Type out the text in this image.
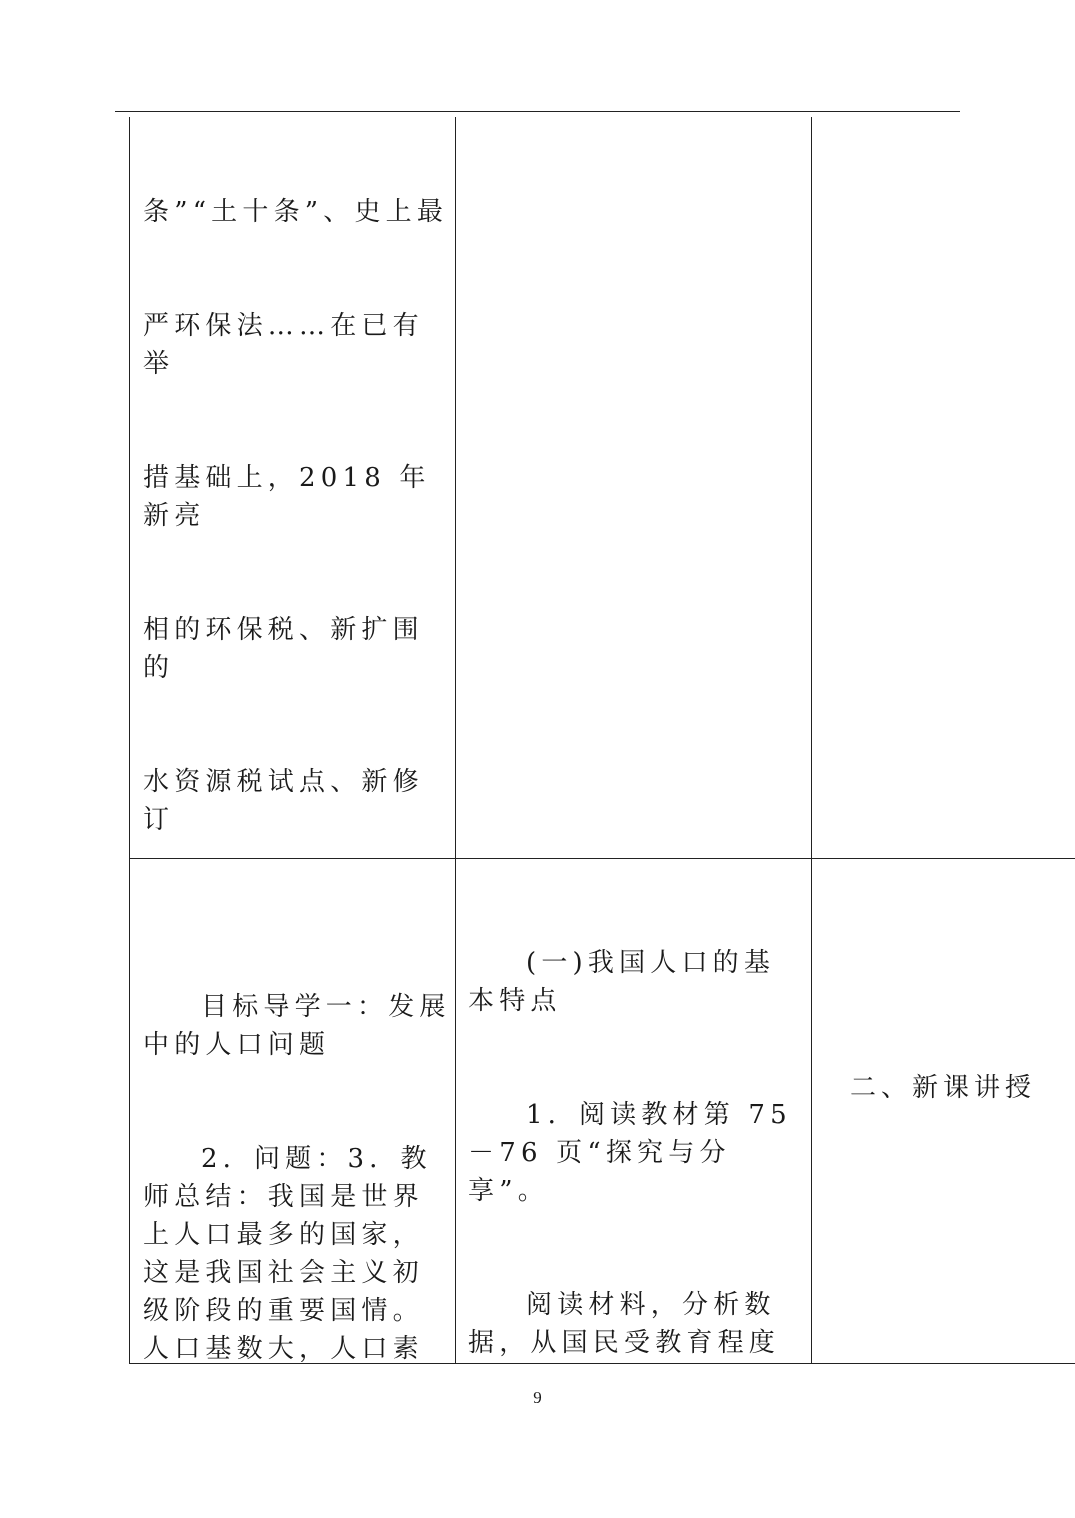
条”“土十条”、史上最

严环保法……在已有举

措基础上，2018 年新亮

相的环保税、新扩围的

水资源税试点、新修订

目标导学一：发展中的人口问题

2．问题：3．教师总结：我国是世界上人口最多的国家，这是我国社会主义初级阶段的重要国情。人口基数大，人口素

(一)我国人口的基本特点

1．阅读教材第 75－76 页“探究与分享”。

阅读材料，分析数据，从国民受教育程度

二、新课讲授
9
